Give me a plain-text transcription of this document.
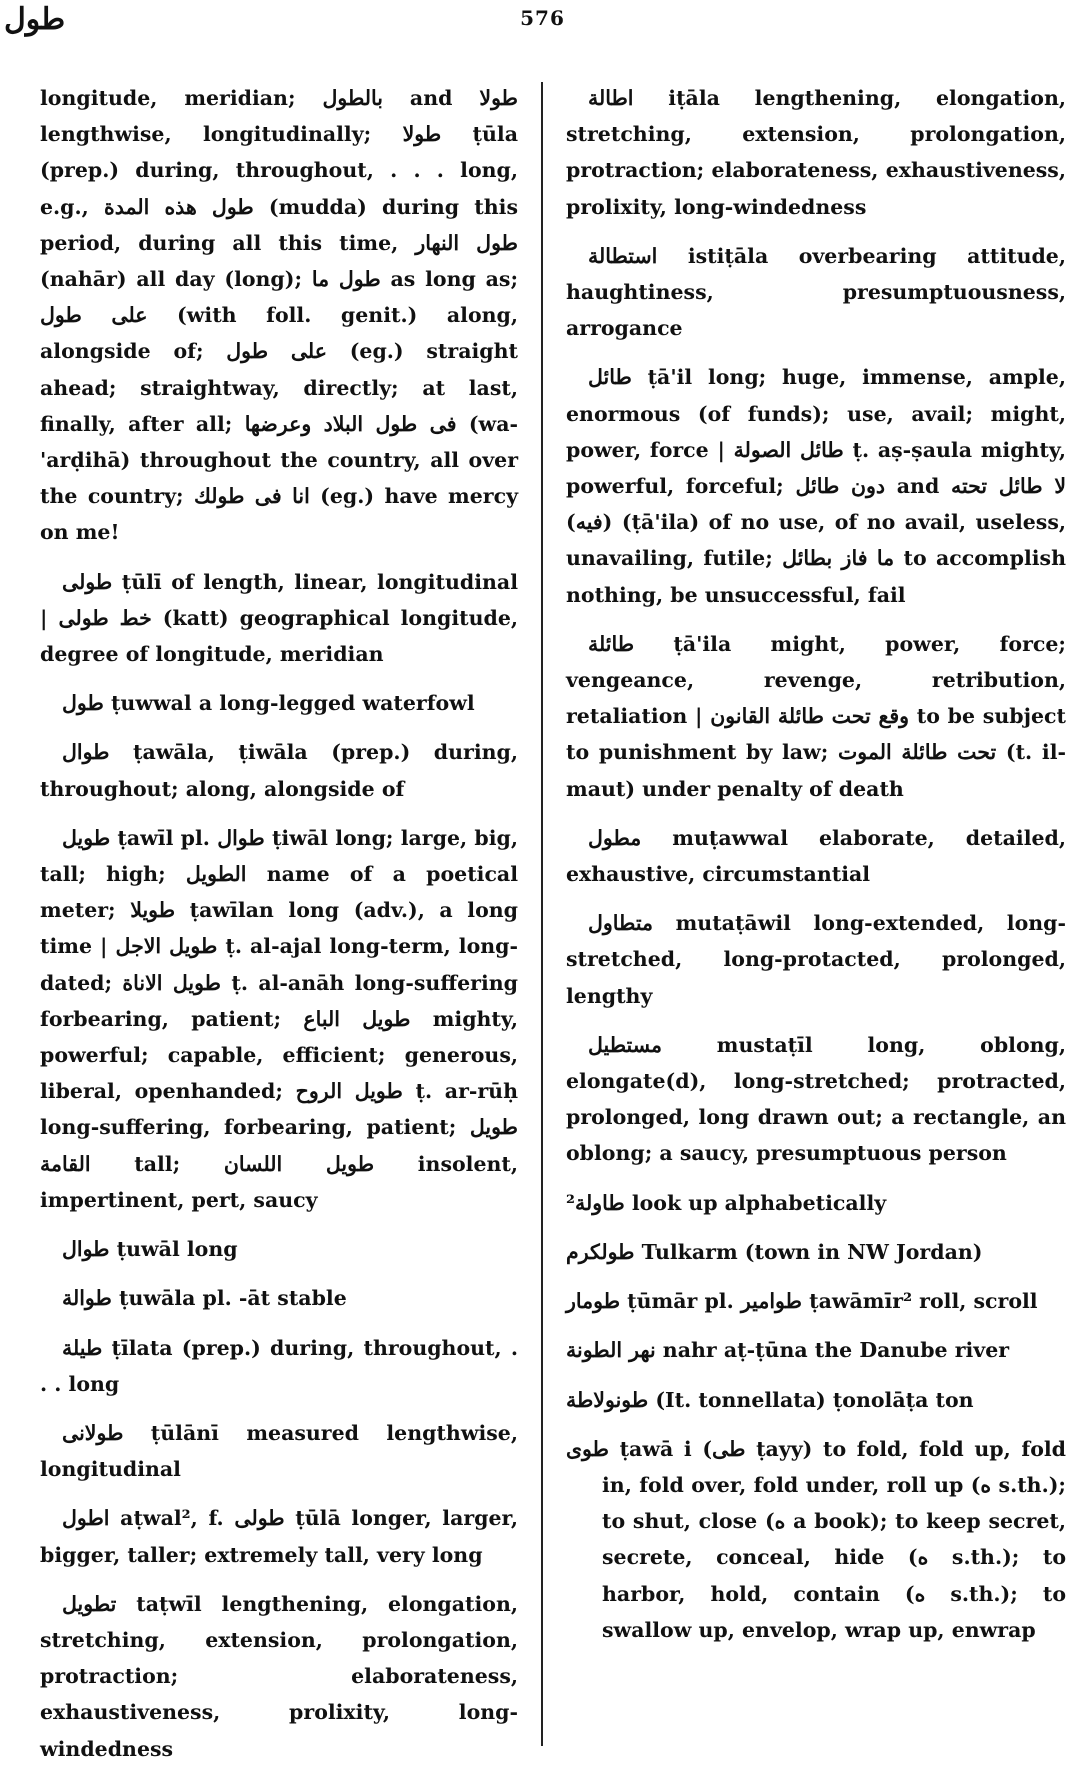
طول	576
longitude, meridian; بالطول and طولا lengthwise, longitudinally; طولا ṭūla (prep.) during, throughout, . . . long, e.g., طول هذه المدة (mudda) during this period, during all this time, طول النهار (nahār) all day (long); طول ما as long as; على طول (with foll. genit.) along, alongside of; على طول (eg.) straight ahead; straightway, directly; at last, finally, after all; فى طول البلاد وعرضها (wa-'arḍihā) throughout the country, all over the country; انا فى طولك (eg.) have mercy on me!
طولى ṭūlī of length, linear, longitudinal | خط طولى (katt) geographical longitude, degree of longitude, meridian
طول ṭuwwal a long-legged waterfowl
طوال ṭawāla, ṭiwāla (prep.) during, throughout; along, alongside of
طويل ṭawīl pl. طوال ṭiwāl long; large, big, tall; high; الطويل name of a poetical meter; طويلا ṭawīlan long (adv.), a long time | طويل الاجل ṭ. al-ajal long-term, long-dated; طويل الاناة ṭ. al-anāh long-suffering forbearing, patient; طويل الباع mighty, powerful; capable, efficient; generous, liberal, openhanded; طويل الروح ṭ. ar-rūḥ long-suffering, forbearing, patient; طويل القامة tall; طويل اللسان insolent, impertinent, pert, saucy
طوال ṭuwāl long
طوالة ṭuwāla pl. -āt stable
طيلة ṭīlata (prep.) during, throughout, . . . long
طولانى ṭūlānī measured lengthwise, longitudinal
اطول aṭwal², f. طولى ṭūlā longer, larger, bigger, taller; extremely tall, very long
تطويل taṭwīl lengthening, elongation, stretching, extension, prolongation, protraction; elaborateness, exhaustiveness, prolixity, long-windedness
اطالة iṭāla lengthening, elongation, stretching, extension, prolongation, protraction; elaborateness, exhaustiveness, prolixity, long-windedness
استطالة istiṭāla overbearing attitude, haughtiness, presumptuousness, arrogance
طائل ṭā'il long; huge, immense, ample, enormous (of funds); use, avail; might, power, force | طائل الصولة ṭ. aṣ-ṣaula mighty, powerful, forceful; دون طائل and لا طائل تحته (فيه) (ṭā'ila) of no use, of no avail, useless, unavailing, futile; ما فاز بطائل to accomplish nothing, be unsuccessful, fail
طائلة ṭā'ila might, power, force; vengeance, revenge, retribution, retaliation | وقع تحت طائلة القانون to be subject to punishment by law; تحت طائلة الموت (t. il-maut) under penalty of death
مطول muṭawwal elaborate, detailed, exhaustive, circumstantial
متطاول mutaṭāwil long-extended, long-stretched, long-protacted, prolonged, lengthy
مستطيل mustaṭīl long, oblong, elongate(d), long-stretched; protracted, prolonged, long drawn out; a rectangle, an oblong; a saucy, presumptuous person
²طاولة look up alphabetically
طولكرم Tulkarm (town in NW Jordan)
طومار ṭūmār pl. طوامير ṭawāmīr² roll, scroll
نهر الطونة nahr aṭ-ṭūna the Danube river
طونولاطة (It. tonnellata) ṭonolāṭa ton
طوى ṭawā i (طى ṭayy) to fold, fold up, fold in, fold over, fold under, roll up (ه s.th.); to shut, close (ه a book); to keep secret, secrete, conceal, hide (ه s.th.); to harbor, hold, contain (ه s.th.); to swallow up, envelop, wrap up, enwrap
